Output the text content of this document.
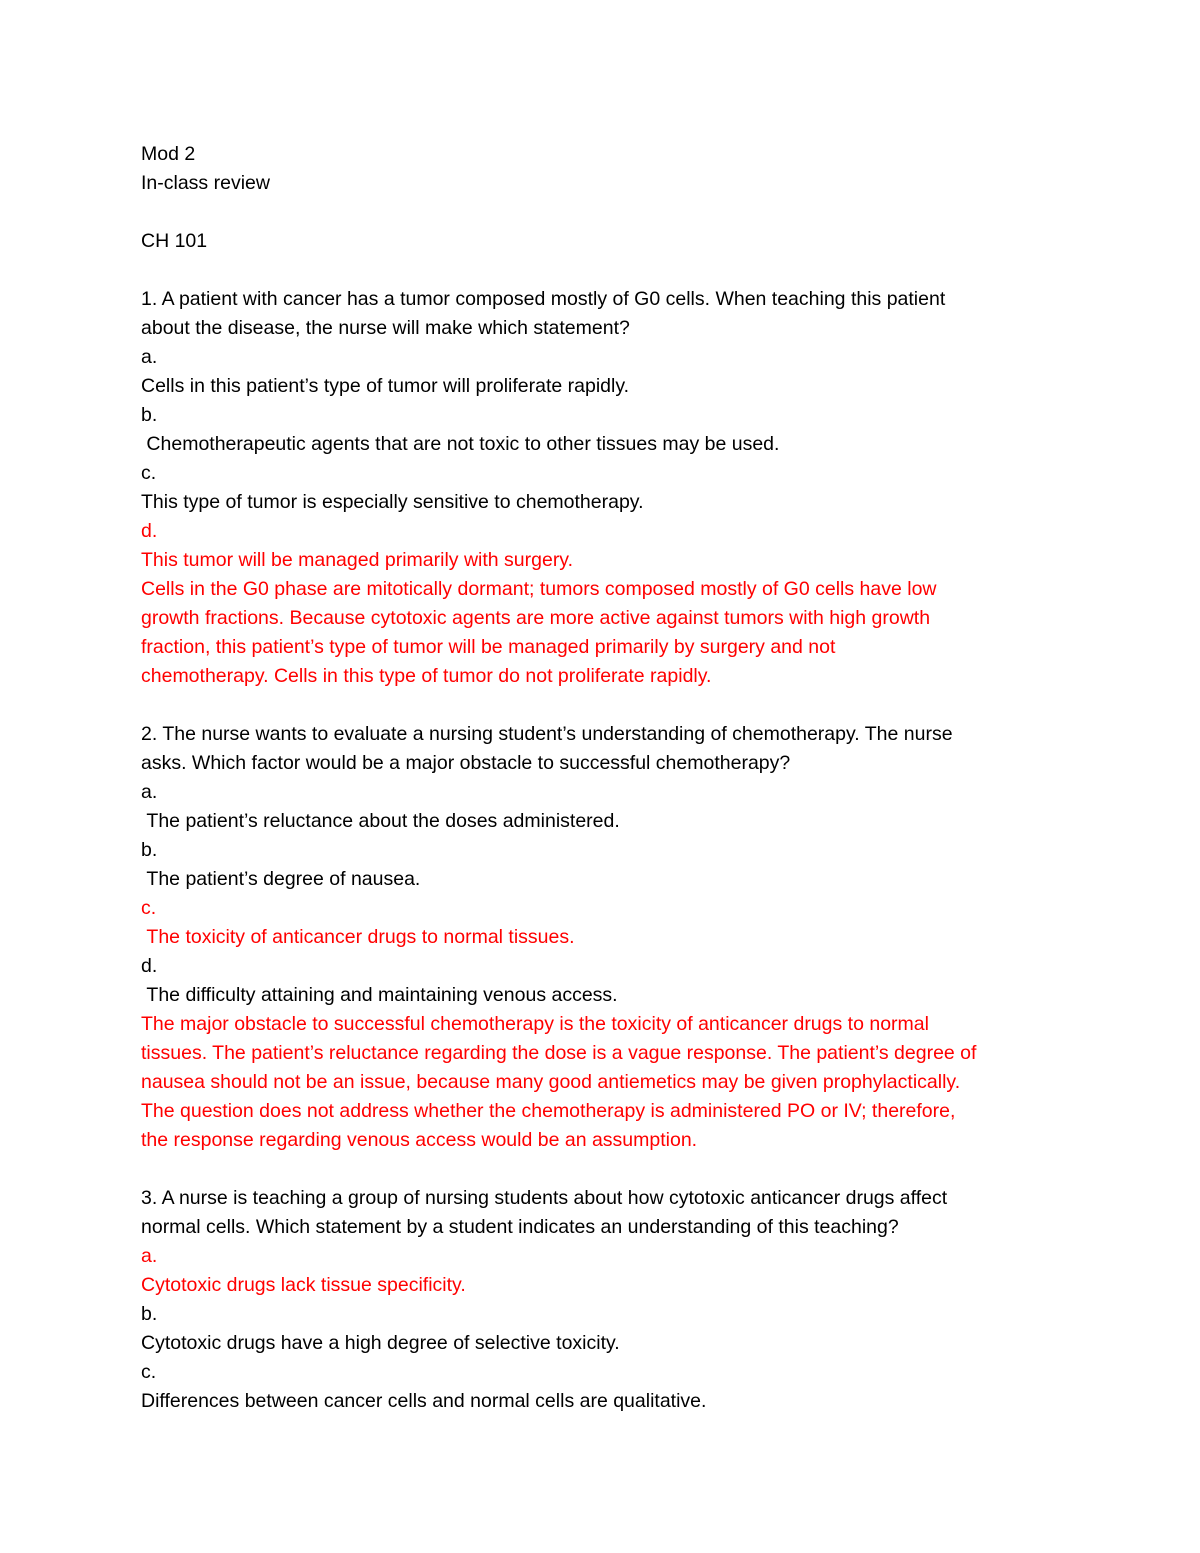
Mod 2
In-class review
CH 101
1. A patient with cancer has a tumor composed mostly of G0 cells. When teaching this patient
about the disease, the nurse will make which statement?
a.
Cells in this patient’s type of tumor will proliferate rapidly.
b.
Chemotherapeutic agents that are not toxic to other tissues may be used.
c.
This type of tumor is especially sensitive to chemotherapy.
d.
This tumor will be managed primarily with surgery.
Cells in the G0 phase are mitotically dormant; tumors composed mostly of G0 cells have low
growth fractions. Because cytotoxic agents are more active against tumors with high growth
fraction, this patient’s type of tumor will be managed primarily by surgery and not
chemotherapy. Cells in this type of tumor do not proliferate rapidly.
2. The nurse wants to evaluate a nursing student’s understanding of chemotherapy. The nurse
asks. Which factor would be a major obstacle to successful chemotherapy?
a.
The patient’s reluctance about the doses administered.
b.
The patient’s degree of nausea.
c.
The toxicity of anticancer drugs to normal tissues.
d.
The difficulty attaining and maintaining venous access.
The major obstacle to successful chemotherapy is the toxicity of anticancer drugs to normal
tissues. The patient’s reluctance regarding the dose is a vague response. The patient’s degree of
nausea should not be an issue, because many good antiemetics may be given prophylactically.
The question does not address whether the chemotherapy is administered PO or IV; therefore,
the response regarding venous access would be an assumption.
3. A nurse is teaching a group of nursing students about how cytotoxic anticancer drugs affect
normal cells. Which statement by a student indicates an understanding of this teaching?
a.
Cytotoxic drugs lack tissue specificity.
b.
Cytotoxic drugs have a high degree of selective toxicity.
c.
Differences between cancer cells and normal cells are qualitative.
